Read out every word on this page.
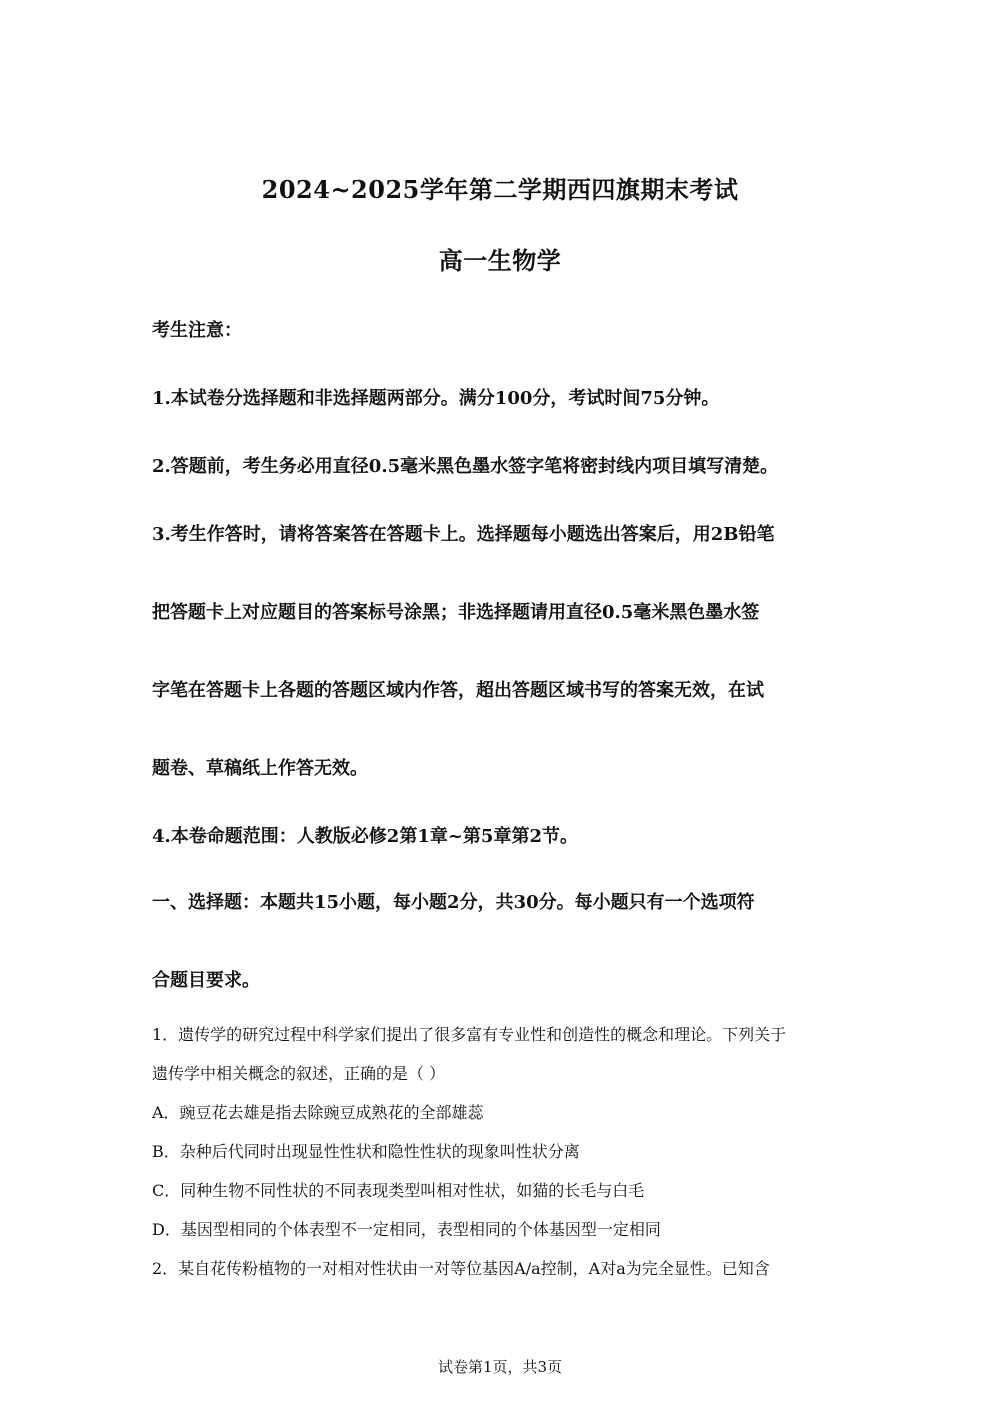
2024~2025学年第二学期西四旗期末考试
高一生物学
考生注意：
1.本试卷分选择题和非选择题两部分。满分100分，考试时间75分钟。
2.答题前，考生务必用直径0.5毫米黑色墨水签字笔将密封线内项目填写清楚。
3.考生作答时，请将答案答在答题卡上。选择题每小题选出答案后，用2B铅笔
把答题卡上对应题目的答案标号涂黑；非选择题请用直径0.5毫米黑色墨水签
字笔在答题卡上各题的答题区域内作答，超出答题区域书写的答案无效，在试
题卷、草稿纸上作答无效。
4.本卷命题范围：人教版必修2第1章~第5章第2节。
一、选择题：本题共15小题，每小题2分，共30分。每小题只有一个选项符
合题目要求。
1．遗传学的研究过程中科学家们提出了很多富有专业性和创造性的概念和理论。下列关于
遗传学中相关概念的叙述，正确的是（ ）
A．豌豆花去雄是指去除豌豆成熟花的全部雄蕊
B．杂种后代同时出现显性性状和隐性性状的现象叫性状分离
C．同种生物不同性状的不同表现类型叫相对性状，如猫的长毛与白毛
D．基因型相同的个体表型不一定相同，表型相同的个体基因型一定相同
2．某自花传粉植物的一对相对性状由一对等位基因A/a控制，A对a为完全显性。已知含
试卷第1页，共3页
